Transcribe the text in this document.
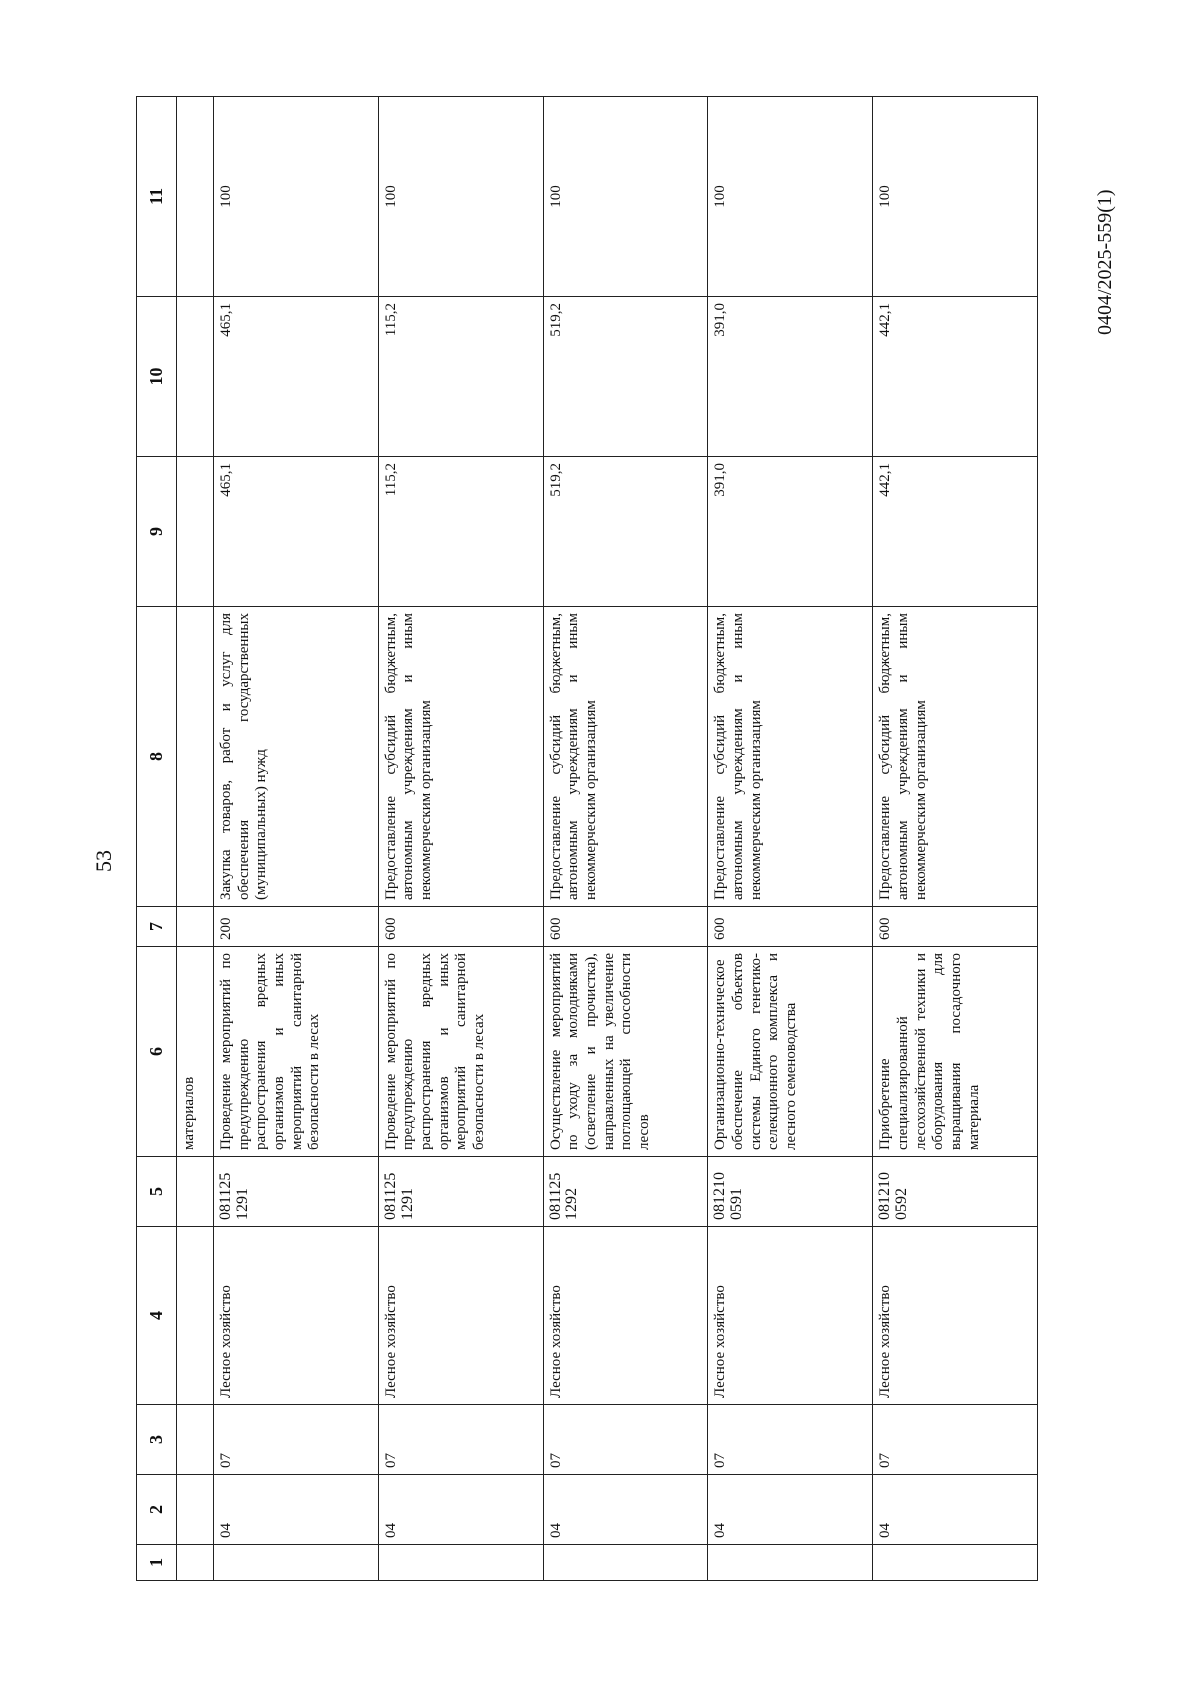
53
0404/2025-559(1)
1	2	3	4	5	6	7	8	9	10	11
					материалов					
	04	07	Лесное хозяйство	081125 1291	Проведение мероприятий по предупреждению распространения вредных организмов и иных мероприятий санитарной безопасности в лесах	200	Закупка товаров, работ и услуг для обеспечения государственных (муниципальных) нужд	465,1	465,1	100
	04	07	Лесное хозяйство	081125 1291	Проведение мероприятий по предупреждению распространения вредных организмов и иных мероприятий санитарной безопасности в лесах	600	Предоставление субсидий бюджетным, автономным учреждениям и иным некоммерческим организациям	115,2	115,2	100
	04	07	Лесное хозяйство	081125 1292	Осуществление мероприятий по уходу за молодняками (осветление и прочистка), направленных на увеличение поглощающей способности лесов	600	Предоставление субсидий бюджетным, автономным учреждениям и иным некоммерческим организациям	519,2	519,2	100
	04	07	Лесное хозяйство	081210 0591	Организационно-техническое обеспечение объектов системы Единого генетико-селекционного комплекса и лесного семеноводства	600	Предоставление субсидий бюджетным, автономным учреждениям и иным некоммерческим организациям	391,0	391,0	100
	04	07	Лесное хозяйство	081210 0592	Приобретение специализированной лесохозяйственной техники и оборудования для выращивания посадочного материала	600	Предоставление субсидий бюджетным, автономным учреждениям и иным некоммерческим организациям	442,1	442,1	100
